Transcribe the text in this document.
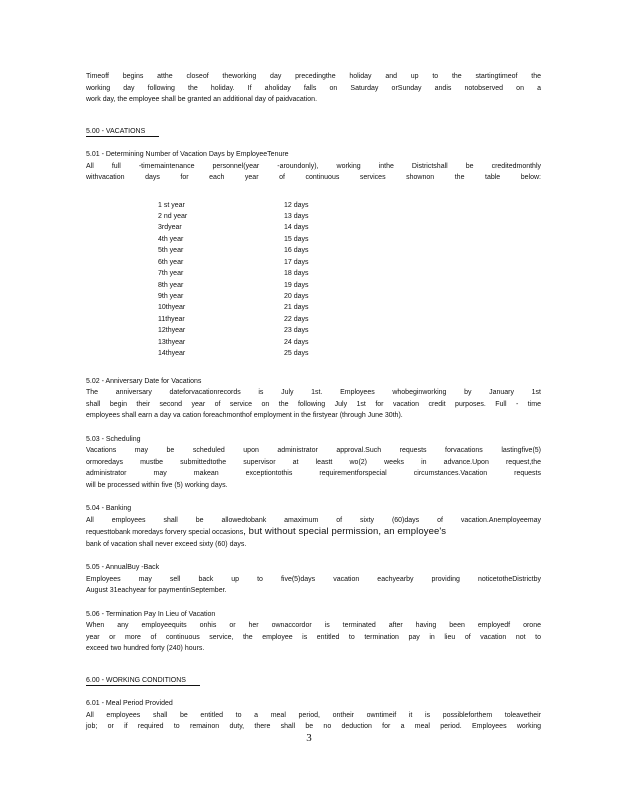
Timeoff begins atthe closeof theworking day precedingthe holiday and up to the startingtimeof the
working day following the holiday. If aholiday falls on Saturday orSunday andis notobserved on a
work day, the employee shall be granted an additional day of paidvacation.
5.00 - VACATIONS
5.01 - Determining Number of Vacation Days by EmployeeTenure
All full -timemaintenance personnel(year -aroundonly), working inthe Districtshall be creditedmonthly
withvacation days for each year of continuous services shownon the table below:
1 st year	12 days
2 nd year	13 days
3rdyear	14 days
4th year	15 days
5th year	16 days
6th year	17 days
7th year	18 days
8th year	19 days
9th year	20 days
10thyear	21 days
11thyear	22 days
12thyear	23 days
13thyear	24 days
14thyear	25 days
5.02 - Anniversary Date for Vacations
The anniversary dateforvacationrecords is July 1st. Employees whobeginworking by January 1st
shall begin their second year of service on the following July 1st for vacation credit purposes. Full - time
employees shall earn a day va cation foreachmonthof employment in the firstyear (through June 30th).
5.03 - Scheduling
Vacations may be scheduled upon administrator approval.Such requests forvacations lastingfive(5)
ormoredays mustbe submittedtothe supervisor at leastt wo(2) weeks in advance.Upon request,the
administrator may makean exceptiontothis requirementforspecial circumstances.Vacation requests
will be processed within five (5) working days.
5.04 - Banking
All employees shall be allowedtobank amaximum of sixty (60)days of vacation.Anemployeemay
requesttobank moredays forvery special occasions, but without special permission, an employee's
bank of vacation shall never exceed sixty (60) days.
5.05 - AnnualBuy -Back
Employees may sell back up to five(5)days vacation eachyearby providing noticetotheDistrictby
August 31eachyear for paymentinSeptember.
5.06 - Termination Pay In Lieu of Vacation
When any employeequits onhis or her ownaccordor is terminated after having been employedf orone
year or more of continuous service, the employee is entitled to termination pay in lieu of vacation not to
exceed two hundred forty (240) hours.
6.00 - WORKING CONDITIONS
6.01 - Meal Period Provided
All employees shall be entitled to a meal period, ontheir owntimeif it is possibleforthem toleavetheir
job; or if required to remainon duty, there shall be no deduction for a meal period. Employees working
3
